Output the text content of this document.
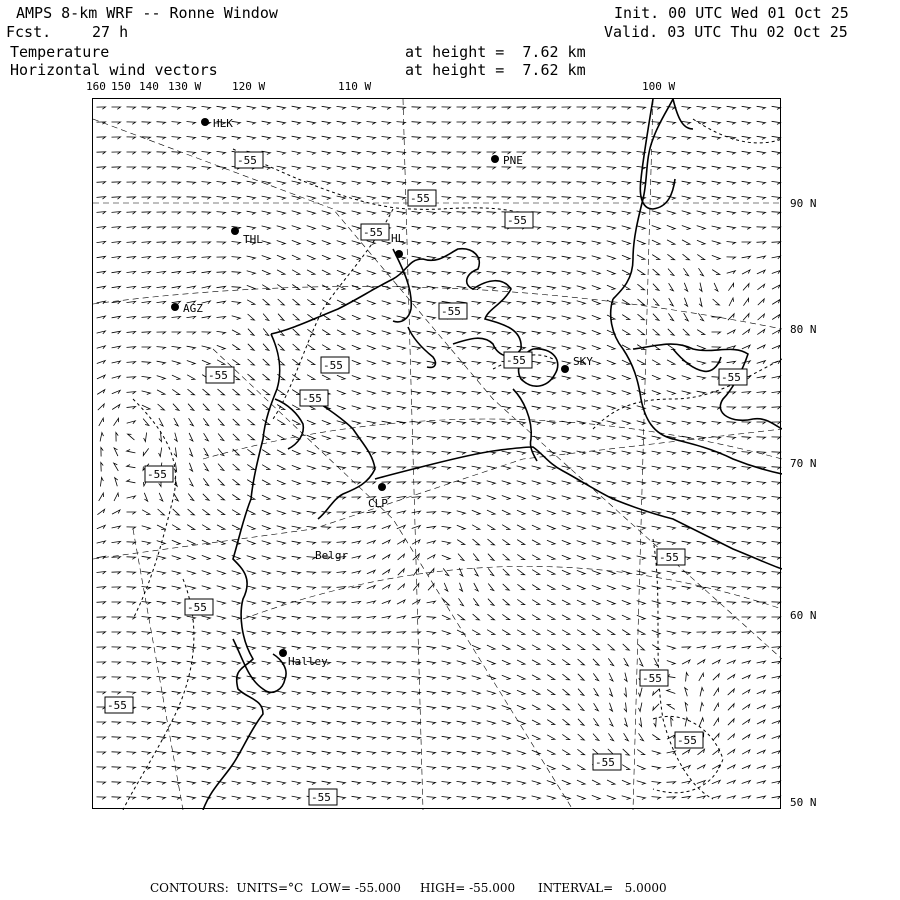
AMPS 8-km WRF -- Ronne Window
Fcst.	27 h
Init. 00 UTC Wed 01 Oct 25
Valid. 03 UTC Thu 02 Oct 25
Temperature
Horizontal wind vectors
at height =  7.62 km
at height =  7.62 km
160 150 140 130 W	120 W	110 W	100 W
90 N
80 N
70 N
60 N
50 N
HLK
PNE
THL	HL
AGZ
SKY
CLP
Belgr
Halley
-55
-55
-55
-55
-55
-55
-55
-55
-55
-55
-55
-55
-55
-55
-55
-55
-55
-55
CONTOURS:  UNITS=°C  LOW= -55.000     HIGH= -55.000      INTERVAL=   5.0000
